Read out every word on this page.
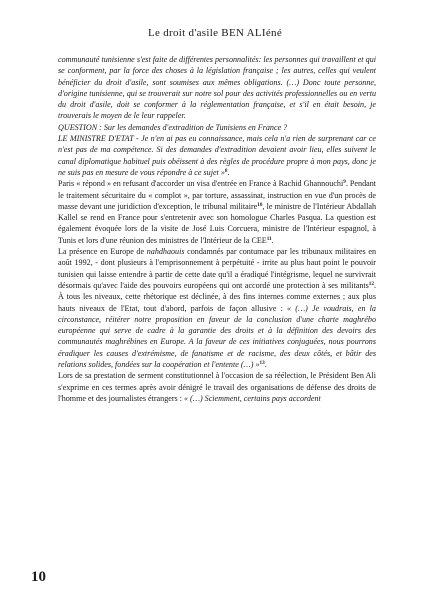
Le droit d'asile BEN ALIéné

communauté tunisienne s'est faite de différentes personnalités: les personnes qui travaillent et qui se conforment, par la force des choses à la législation française ; les autres, celles qui veulent bénéficier du droit d'asile, sont soumises aux mêmes obligations. (…) Donc toute personne, d'origine tunisienne, qui se trouverait sur notre sol pour des activités professionnelles ou en vertu du droit d'asile, doit se conformer à la réglementation française, et s'il en était besoin, je trouverais le moyen de le leur rappeler.

QUESTION : Sur les demandes d'extradition de Tunisiens en France ?

LE MINISTRE D'ETAT - Je n'en ai pas eu connaissance, mais cela n'a rien de surprenant car ce n'est pas de ma compétence. Si des demandes d'extradition devaient avoir lieu, elles suivent le canal diplomatique habituel puis obéissent à des règles de procédure propre à mon pays, donc je ne suis pas en mesure de vous répondre à ce sujet »$^8$.

Paris « répond » en refusant d'accorder un visa d'entrée en France à Rachid Ghannouchi$^9$. Pendant le traitement sécuritaire du « complot », par torture, assassinat, instruction en vue d'un procès de masse devant une juridiction d'exception, le tribunal militaire$^{10}$, le ministre de l'Intérieur Abdallah Kallel se rend en France pour s'entretenir avec son homologue Charles Pasqua. La question est également évoquée lors de la visite de José Luis Corcuera, ministre de l'Intérieur espagnol, à Tunis et lors d'une réunion des ministres de l'Intérieur de la CEE$^{11}$.

La présence en Europe de nahdhaouis condamnés par contumace par les tribunaux militaires en août 1992, - dont plusieurs à l'emprisonnement à perpétuité - irrite au plus haut point le pouvoir tunisien qui laisse entendre à partir de cette date qu'il a éradiqué l'intégrisme, lequel ne survivrait désormais qu'avec l'aide des pouvoirs européens qui ont accordé une protection à ses militants$^{12}$. À tous les niveaux, cette rhétorique est déclinée, à des fins internes comme externes ; aux plus hauts niveaux de l'Etat, tout d'abord, parfois de façon allusive : « (…) Je voudrais, en la circonstance, réitérer notre proposition en faveur de la conclusion d'une charte maghrébo européenne qui serve de cadre à la garantie des droits et à la définition des devoirs des communautés maghrébines en Europe. A la faveur de ces initiatives conjuguées, nous pourrons éradiquer les causes d'extrémisme, de fanatisme et de racisme, des deux côtés, et bâtir des relations solides, fondées sur la coopération et l'entente (…) »$^{13}$.

Lors de sa prestation de serment constitutionnel à l'occasion de sa réélection, le Président Ben Ali s'exprime en ces termes après avoir dénigré le travail des organisations de défense des droits de l'homme et des journalistes étrangers : « (…) Sciemment, certains pays accordent

10
